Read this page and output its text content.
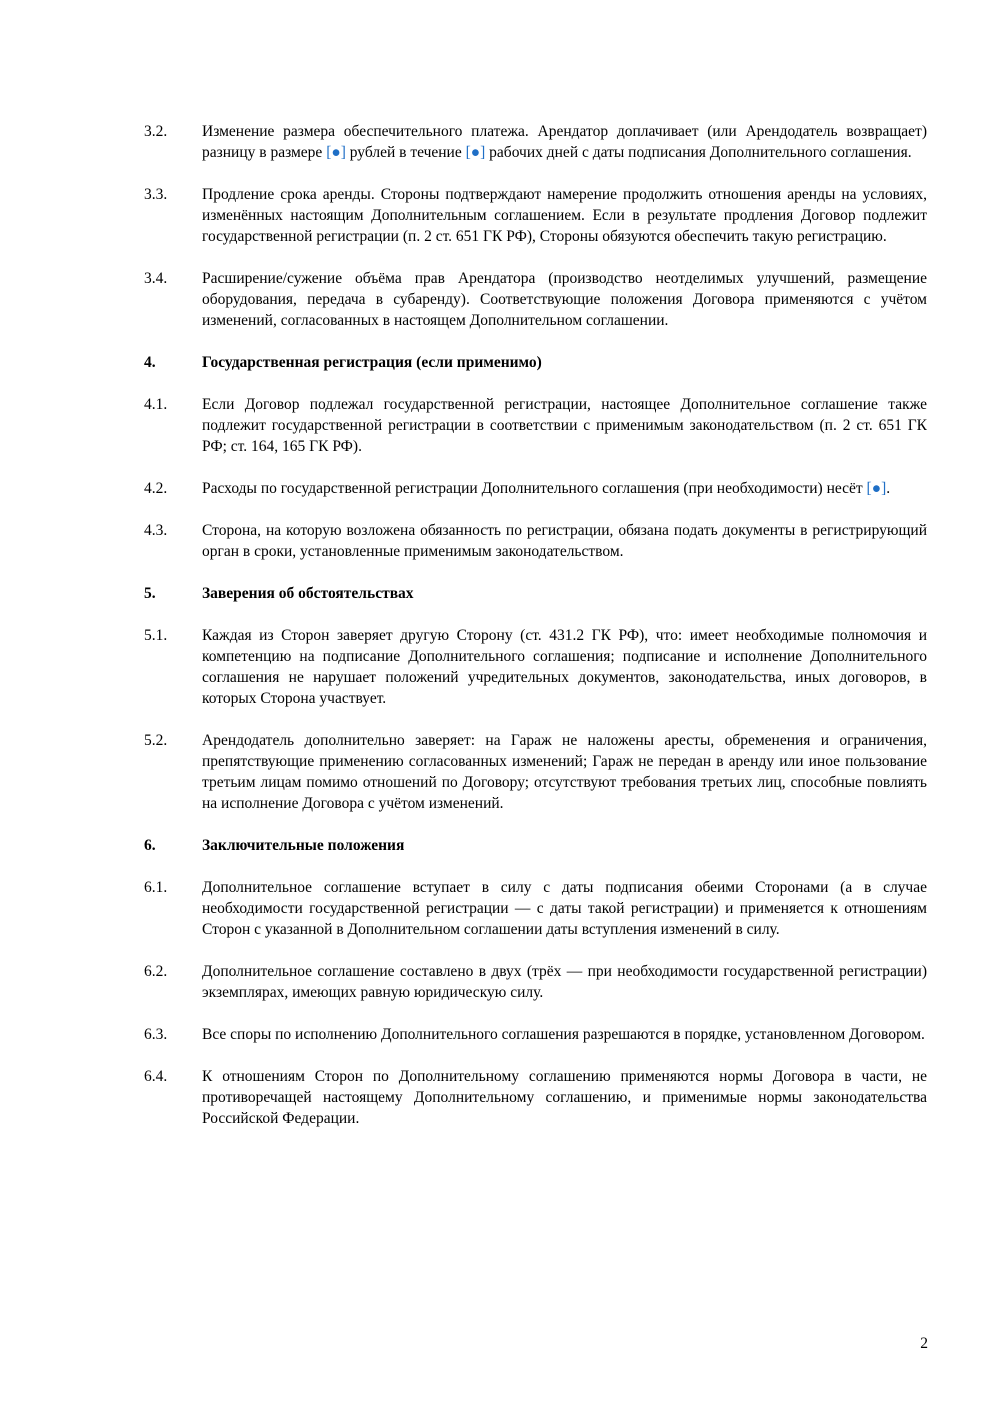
3.2.	Изменение размера обеспечительного платежа. Арендатор доплачивает (или Арендодатель возвращает) разницу в размере [●] рублей в течение [●] рабочих дней с даты подписания Дополнительного соглашения.
3.3.	Продление срока аренды. Стороны подтверждают намерение продолжить отношения аренды на условиях, изменённых настоящим Дополнительным соглашением. Если в результате продления Договор подлежит государственной регистрации (п. 2 ст. 651 ГК РФ), Стороны обязуются обеспечить такую регистрацию.
3.4.	Расширение/сужение объёма прав Арендатора (производство неотделимых улучшений, размещение оборудования, передача в субаренду). Соответствующие положения Договора применяются с учётом изменений, согласованных в настоящем Дополнительном соглашении.
4.	Государственная регистрация (если применимо)
4.1.	Если Договор подлежал государственной регистрации, настоящее Дополнительное соглашение также подлежит государственной регистрации в соответствии с применимым законодательством (п. 2 ст. 651 ГК РФ; ст. 164, 165 ГК РФ).
4.2.	Расходы по государственной регистрации Дополнительного соглашения (при необходимости) несёт [●].
4.3.	Сторона, на которую возложена обязанность по регистрации, обязана подать документы в регистрирующий орган в сроки, установленные применимым законодательством.
5.	Заверения об обстоятельствах
5.1.	Каждая из Сторон заверяет другую Сторону (ст. 431.2 ГК РФ), что: имеет необходимые полномочия и компетенцию на подписание Дополнительного соглашения; подписание и исполнение Дополнительного соглашения не нарушает положений учредительных документов, законодательства, иных договоров, в которых Сторона участвует.
5.2.	Арендодатель дополнительно заверяет: на Гараж не наложены аресты, обременения и ограничения, препятствующие применению согласованных изменений; Гараж не передан в аренду или иное пользование третьим лицам помимо отношений по Договору; отсутствуют требования третьих лиц, способные повлиять на исполнение Договора с учётом изменений.
6.	Заключительные положения
6.1.	Дополнительное соглашение вступает в силу с даты подписания обеими Сторонами (а в случае необходимости государственной регистрации — с даты такой регистрации) и применяется к отношениям Сторон с указанной в Дополнительном соглашении даты вступления изменений в силу.
6.2.	Дополнительное соглашение составлено в двух (трёх — при необходимости государственной регистрации) экземплярах, имеющих равную юридическую силу.
6.3.	Все споры по исполнению Дополнительного соглашения разрешаются в порядке, установленном Договором.
6.4.	К отношениям Сторон по Дополнительному соглашению применяются нормы Договора в части, не противоречащей настоящему Дополнительному соглашению, и применимые нормы законодательства Российской Федерации.
2
